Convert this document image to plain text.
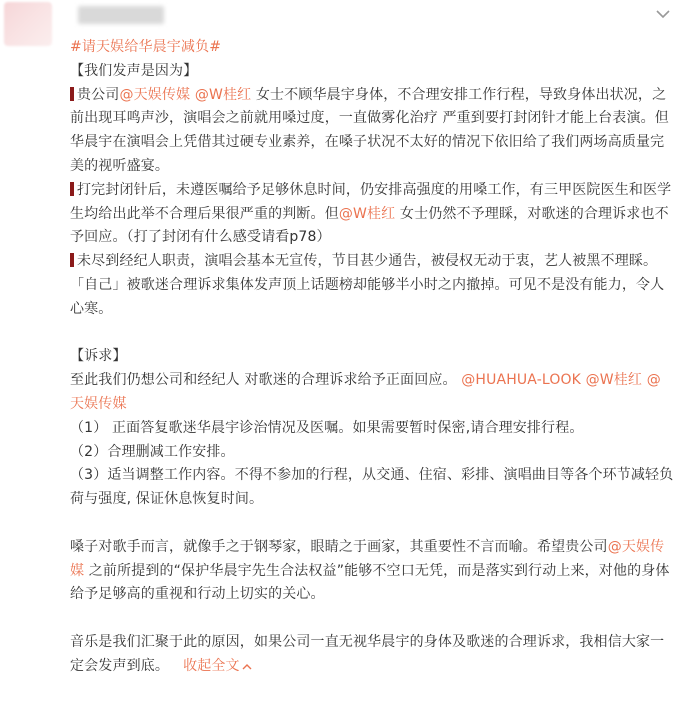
#请天娱给华晨宇减负#

【我们发声是因为】

贵公司@天娱传媒 @W桂红 女士不顾华晨宇身体，不合理安排工作行程，导致身体出状况，之前出现耳鸣声沙，演唱会之前就用嗓过度，一直做雾化治疗 严重到要打封闭针才能上台表演。但华晨宇在演唱会上凭借其过硬专业素养，在嗓子状况不太好的情况下依旧给了我们两场高质量完美的视听盛宴。

打完封闭针后，未遵医嘱给予足够休息时间，仍安排高强度的用嗓工作，有三甲医院医生和医学生均给出此举不合理后果很严重的判断。但@W桂红 女士仍然不予理睬，对歌迷的合理诉求也不予回应。（打了封闭有什么感受请看p78）

未尽到经纪人职责，演唱会基本无宣传，节目甚少通告，被侵权无动于衷，艺人被黑不理睬。「自己」被歌迷合理诉求集体发声顶上话题榜却能够半小时之内撤掉。可见不是没有能力，令人心寒。

【诉求】

至此我们仍想公司和经纪人 对歌迷的合理诉求给予正面回应。 @HUAHUA-LOOK @W桂红 @天娱传媒

（1） 正面答复歌迷华晨宇诊治情况及医嘱。如果需要暂时保密,请合理安排行程。

（2）合理删减工作安排。

（3）适当调整工作内容。不得不参加的行程，从交通、住宿、彩排、演唱曲目等各个环节减轻负荷与强度, 保证休息恢复时间。

嗓子对歌手而言，就像手之于钢琴家，眼睛之于画家，其重要性不言而喻。希望贵公司@天娱传媒 之前所提到的“保护华晨宇先生合法权益”能够不空口无凭，而是落实到行动上来，对他的身体给予足够高的重视和行动上切实的关心。

音乐是我们汇聚于此的原因，如果公司一直无视华晨宇的身体及歌迷的合理诉求，我相信大家一定会发声到底。 收起全文
